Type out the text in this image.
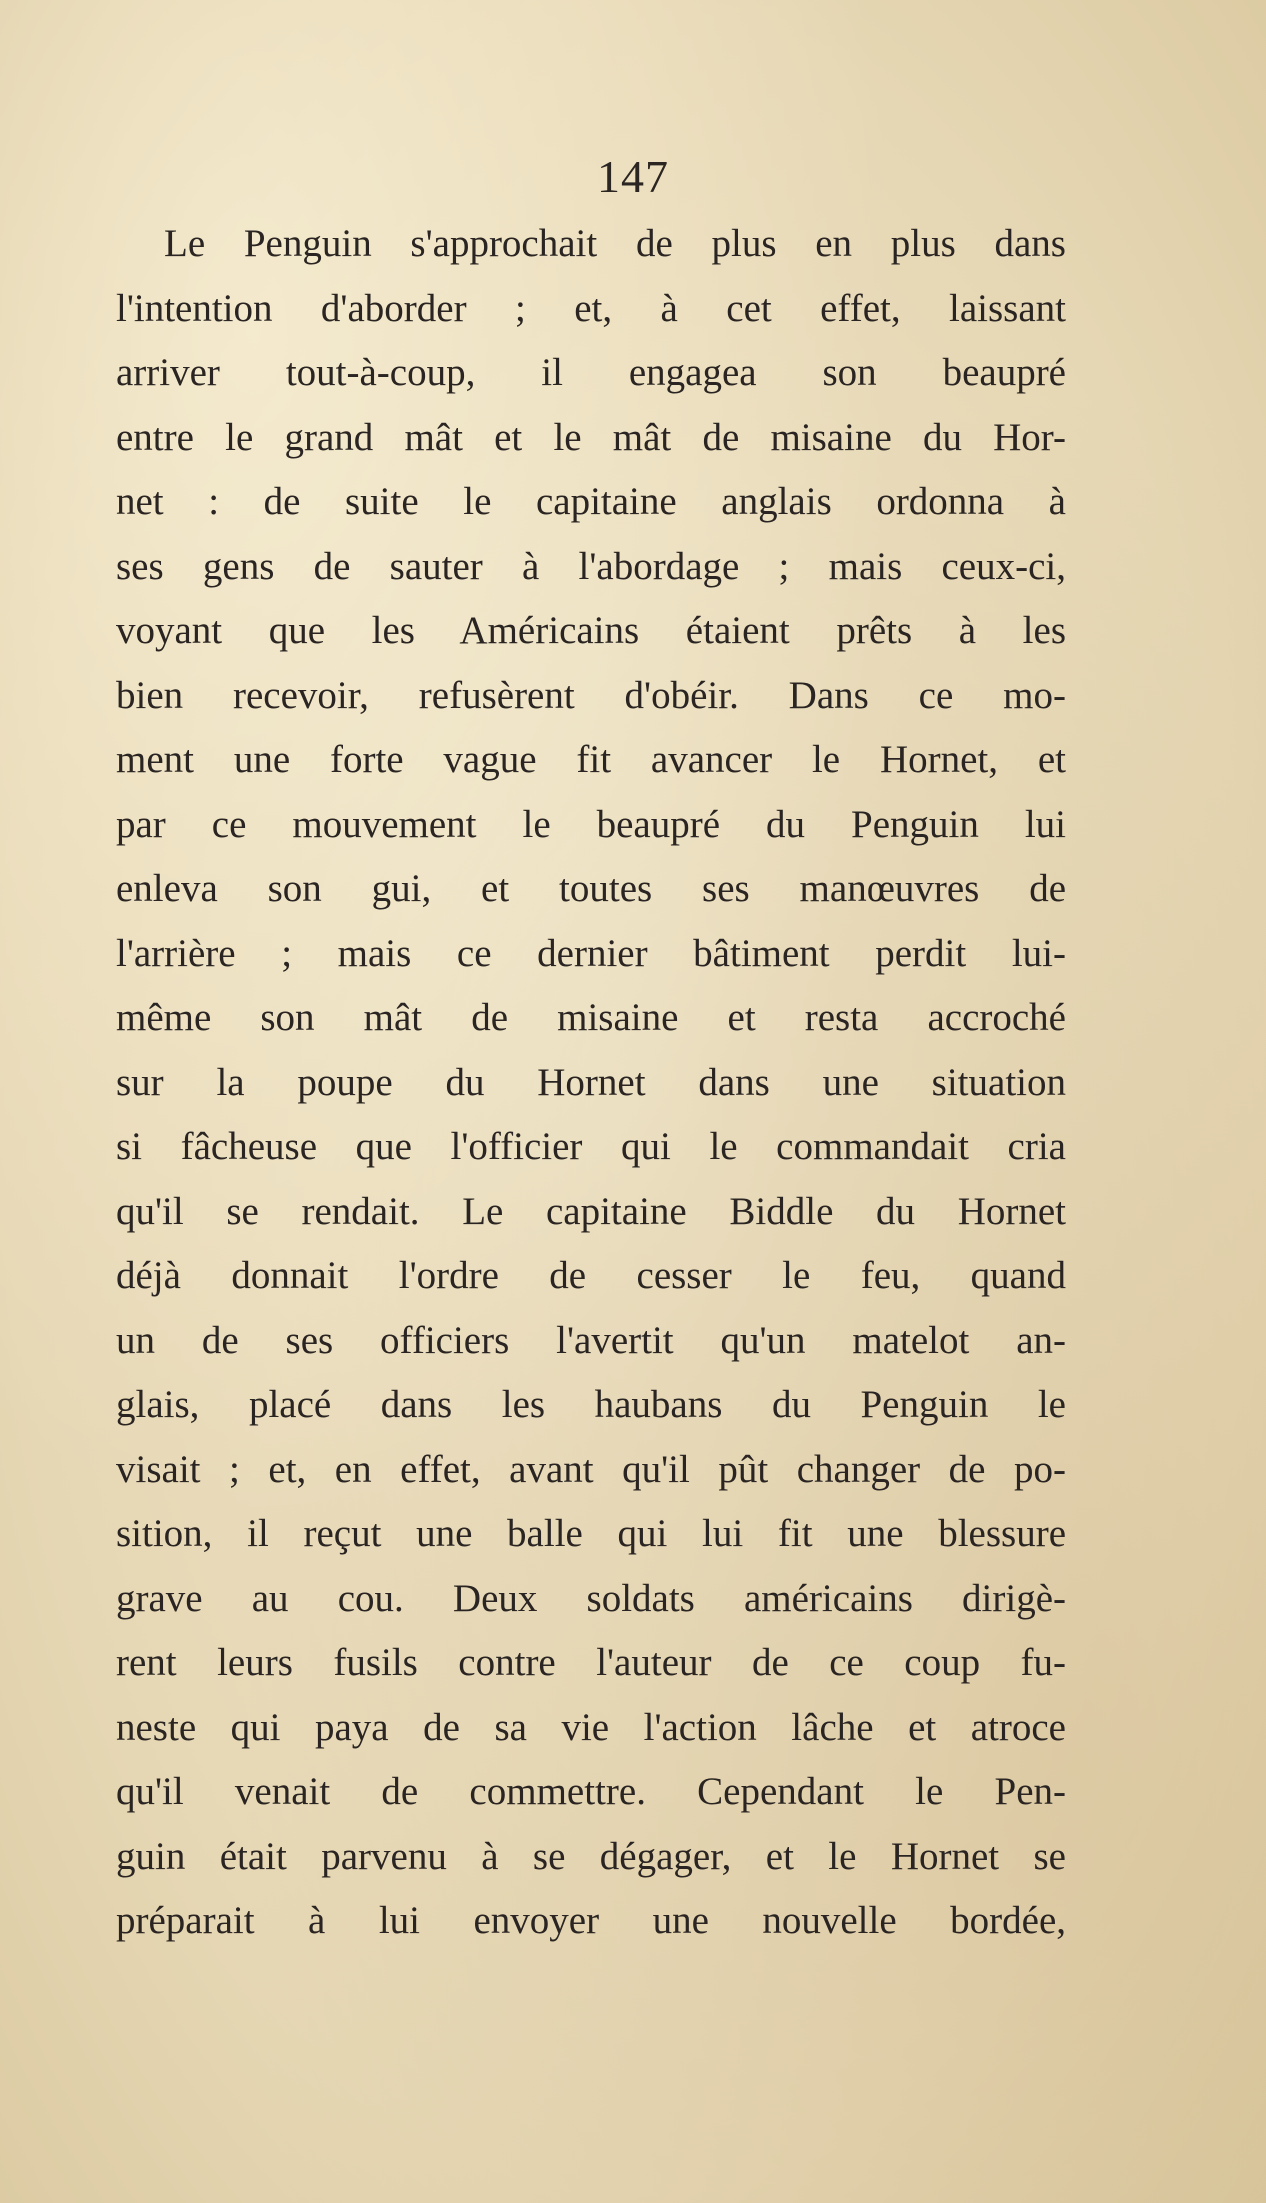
147
Le Penguin s'approchait de plus en plus dans
l'intention d'aborder ; et, à cet effet, laissant
arriver tout-à-coup, il engagea son beaupré
entre le grand mât et le mât de misaine du Hor-
net : de suite le capitaine anglais ordonna à
ses gens de sauter à l'abordage ; mais ceux-ci,
voyant que les Américains étaient prêts à les
bien recevoir, refusèrent d'obéir. Dans ce mo-
ment une forte vague fit avancer le Hornet, et
par ce mouvement le beaupré du Penguin lui
enleva son gui, et toutes ses manœuvres de
l'arrière ; mais ce dernier bâtiment perdit lui-
même son mât de misaine et resta accroché
sur la poupe du Hornet dans une situation
si fâcheuse que l'officier qui le commandait cria
qu'il se rendait. Le capitaine Biddle du Hornet
déjà donnait l'ordre de cesser le feu, quand
un de ses officiers l'avertit qu'un matelot an-
glais, placé dans les haubans du Penguin le
visait ; et, en effet, avant qu'il pût changer de po-
sition, il reçut une balle qui lui fit une blessure
grave au cou. Deux soldats américains dirigè-
rent leurs fusils contre l'auteur de ce coup fu-
neste qui paya de sa vie l'action lâche et atroce
qu'il venait de commettre. Cependant le Pen-
guin était parvenu à se dégager, et le Hornet se
préparait à lui envoyer une nouvelle bordée,
